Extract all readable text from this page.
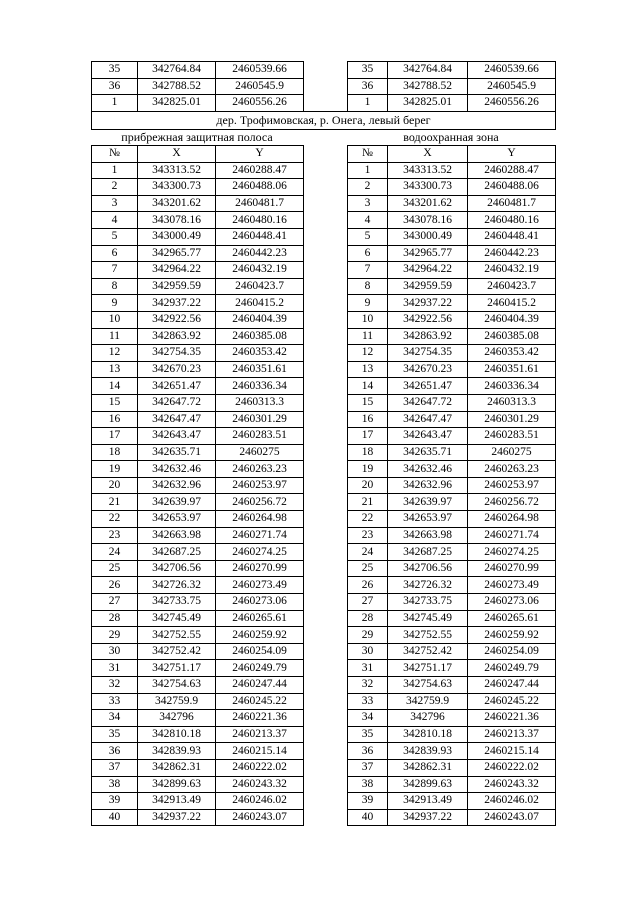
35	342764.84	2460539.66
36	342788.52	2460545.9
1	342825.01	2460556.26
35	342764.84	2460539.66
36	342788.52	2460545.9
1	342825.01	2460556.26
дер. Трофимовская, р. Онега, левый берег
прибрежная защитная полоса	водоохранная зона
№	X	Y
1	343313.52	2460288.47
2	343300.73	2460488.06
3	343201.62	2460481.7
4	343078.16	2460480.16
5	343000.49	2460448.41
6	342965.77	2460442.23
7	342964.22	2460432.19
8	342959.59	2460423.7
9	342937.22	2460415.2
10	342922.56	2460404.39
11	342863.92	2460385.08
12	342754.35	2460353.42
13	342670.23	2460351.61
14	342651.47	2460336.34
15	342647.72	2460313.3
16	342647.47	2460301.29
17	342643.47	2460283.51
18	342635.71	2460275
19	342632.46	2460263.23
20	342632.96	2460253.97
21	342639.97	2460256.72
22	342653.97	2460264.98
23	342663.98	2460271.74
24	342687.25	2460274.25
25	342706.56	2460270.99
26	342726.32	2460273.49
27	342733.75	2460273.06
28	342745.49	2460265.61
29	342752.55	2460259.92
30	342752.42	2460254.09
31	342751.17	2460249.79
32	342754.63	2460247.44
33	342759.9	2460245.22
34	342796	2460221.36
35	342810.18	2460213.37
36	342839.93	2460215.14
37	342862.31	2460222.02
38	342899.63	2460243.32
39	342913.49	2460246.02
40	342937.22	2460243.07
№	X	Y
1	343313.52	2460288.47
2	343300.73	2460488.06
3	343201.62	2460481.7
4	343078.16	2460480.16
5	343000.49	2460448.41
6	342965.77	2460442.23
7	342964.22	2460432.19
8	342959.59	2460423.7
9	342937.22	2460415.2
10	342922.56	2460404.39
11	342863.92	2460385.08
12	342754.35	2460353.42
13	342670.23	2460351.61
14	342651.47	2460336.34
15	342647.72	2460313.3
16	342647.47	2460301.29
17	342643.47	2460283.51
18	342635.71	2460275
19	342632.46	2460263.23
20	342632.96	2460253.97
21	342639.97	2460256.72
22	342653.97	2460264.98
23	342663.98	2460271.74
24	342687.25	2460274.25
25	342706.56	2460270.99
26	342726.32	2460273.49
27	342733.75	2460273.06
28	342745.49	2460265.61
29	342752.55	2460259.92
30	342752.42	2460254.09
31	342751.17	2460249.79
32	342754.63	2460247.44
33	342759.9	2460245.22
34	342796	2460221.36
35	342810.18	2460213.37
36	342839.93	2460215.14
37	342862.31	2460222.02
38	342899.63	2460243.32
39	342913.49	2460246.02
40	342937.22	2460243.07
